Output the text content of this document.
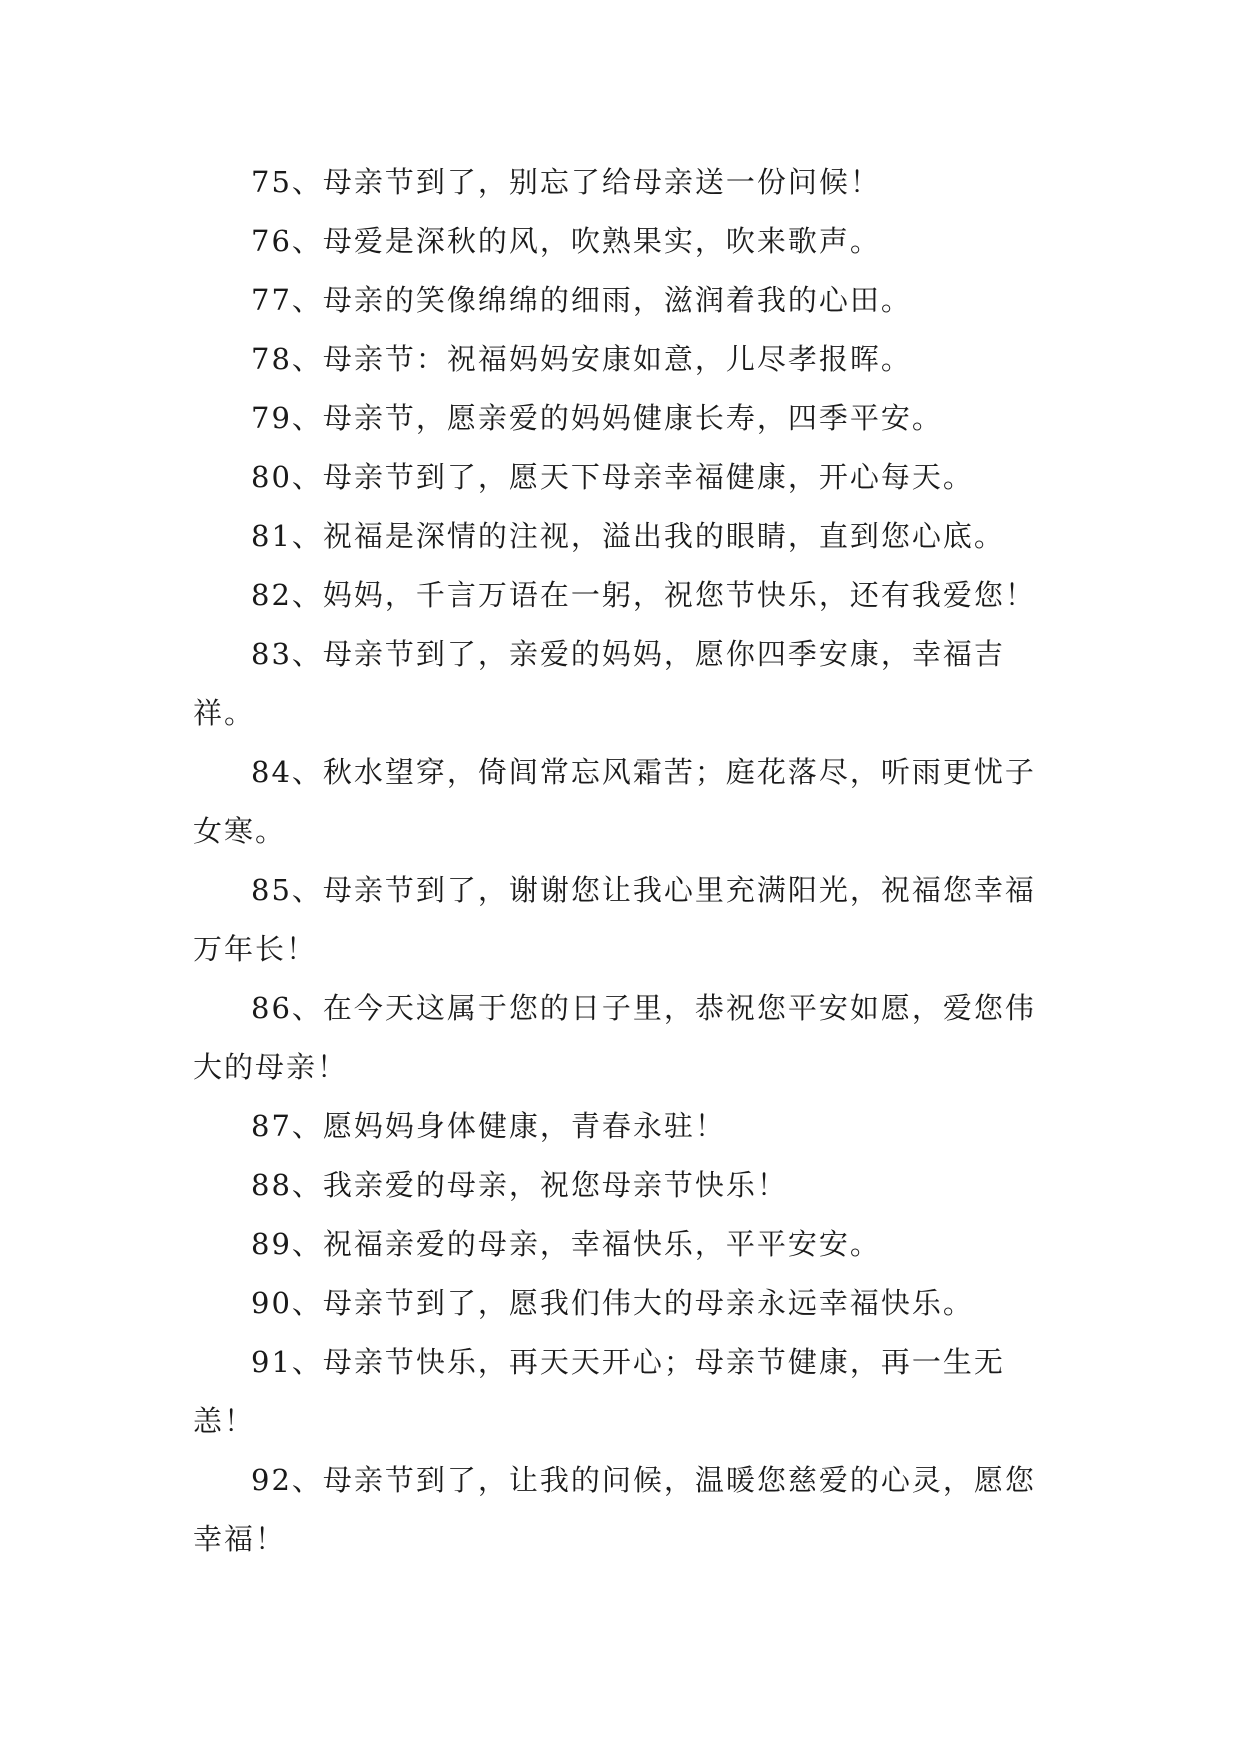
75、母亲节到了，别忘了给母亲送一份问候！

76、母爱是深秋的风，吹熟果实，吹来歌声。

77、母亲的笑像绵绵的细雨，滋润着我的心田。

78、母亲节：祝福妈妈安康如意，儿尽孝报晖。

79、母亲节，愿亲爱的妈妈健康长寿，四季平安。

80、母亲节到了，愿天下母亲幸福健康，开心每天。

81、祝福是深情的注视，溢出我的眼睛，直到您心底。

82、妈妈，千言万语在一躬，祝您节快乐，还有我爱您！

83、母亲节到了，亲爱的妈妈，愿你四季安康，幸福吉祥。

84、秋水望穿，倚闾常忘风霜苦；庭花落尽，听雨更忧子女寒。

85、母亲节到了，谢谢您让我心里充满阳光，祝福您幸福万年长！

86、在今天这属于您的日子里，恭祝您平安如愿，爱您伟大的母亲！

87、愿妈妈身体健康，青春永驻！

88、我亲爱的母亲，祝您母亲节快乐！

89、祝福亲爱的母亲，幸福快乐，平平安安。

90、母亲节到了，愿我们伟大的母亲永远幸福快乐。

91、母亲节快乐，再天天开心；母亲节健康，再一生无恙！

92、母亲节到了，让我的问候，温暖您慈爱的心灵，愿您幸福！
